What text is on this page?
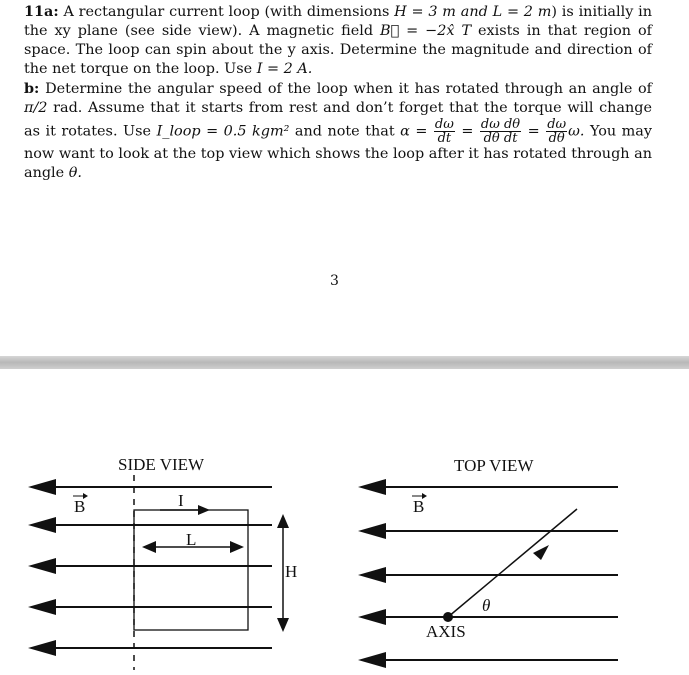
11a: A rectangular current loop (with dimensions H = 3 m and L = 2 m) is initially in the xy plane (see side view). A magnetic field B⃗ = −2x̂ T exists in that region of space. The loop can spin about the y axis. Determine the magnitude and direction of the net torque on the loop. Use I = 2 A.

b: Determine the angular speed of the loop when it has rotated through an angle of π/2 rad. Assume that it starts from rest and don’t forget that the torque will change as it rotates. Use I_loop = 0.5 kgm² and note that $\alpha = \frac{d\omega}{dt} = \frac{\text{dω dθ}}{\text{dθ dt}} = \frac{d\omega}{d\theta} \omega$. You may now want to look at the top view which shows the loop after it has rotated through an angle θ.

3
SIDE VIEW
B	I
L
H
TOP VIEW
B
θ
AXIS
